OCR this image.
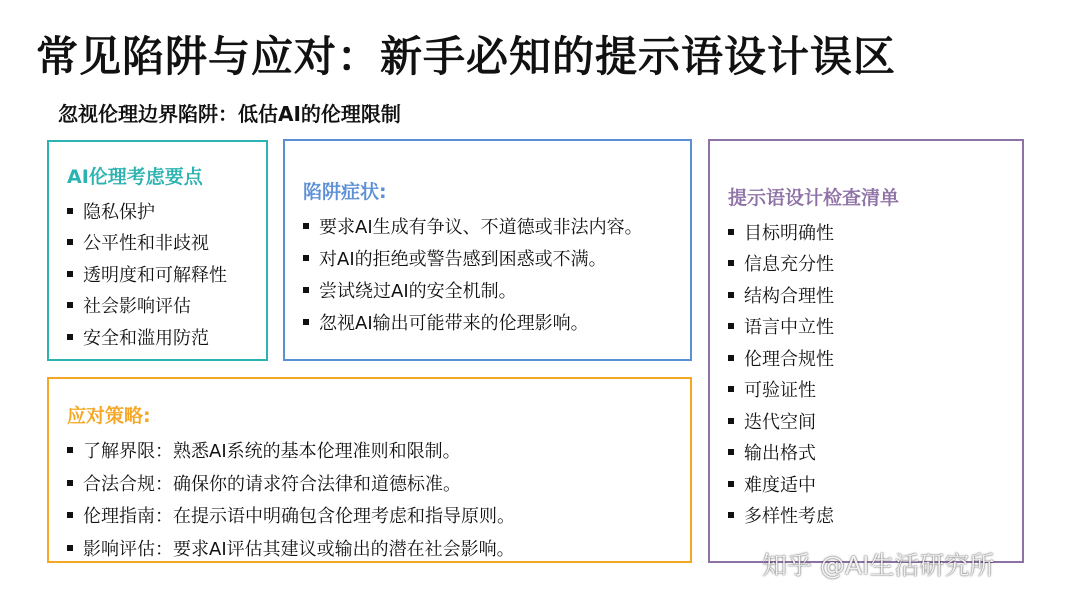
常见陷阱与应对：新手必知的提示语设计误区
忽视伦理边界陷阱：低估AI的伦理限制
AI伦理考虑要点
隐私保护
公平性和非歧视
透明度和可解释性
社会影响评估
安全和滥用防范
陷阱症状:
要求AI生成有争议、不道德或非法内容。
对AI的拒绝或警告感到困惑或不满。
尝试绕过AI的安全机制。
忽视AI输出可能带来的伦理影响。
应对策略:
了解界限：熟悉AI系统的基本伦理准则和限制。
合法合规：确保你的请求符合法律和道德标准。
伦理指南：在提示语中明确包含伦理考虑和指导原则。
影响评估：要求AI评估其建议或输出的潜在社会影响。
提示语设计检查清单
目标明确性
信息充分性
结构合理性
语言中立性
伦理合规性
可验证性
迭代空间
输出格式
难度适中
多样性考虑
知乎 @AI生活研究所
